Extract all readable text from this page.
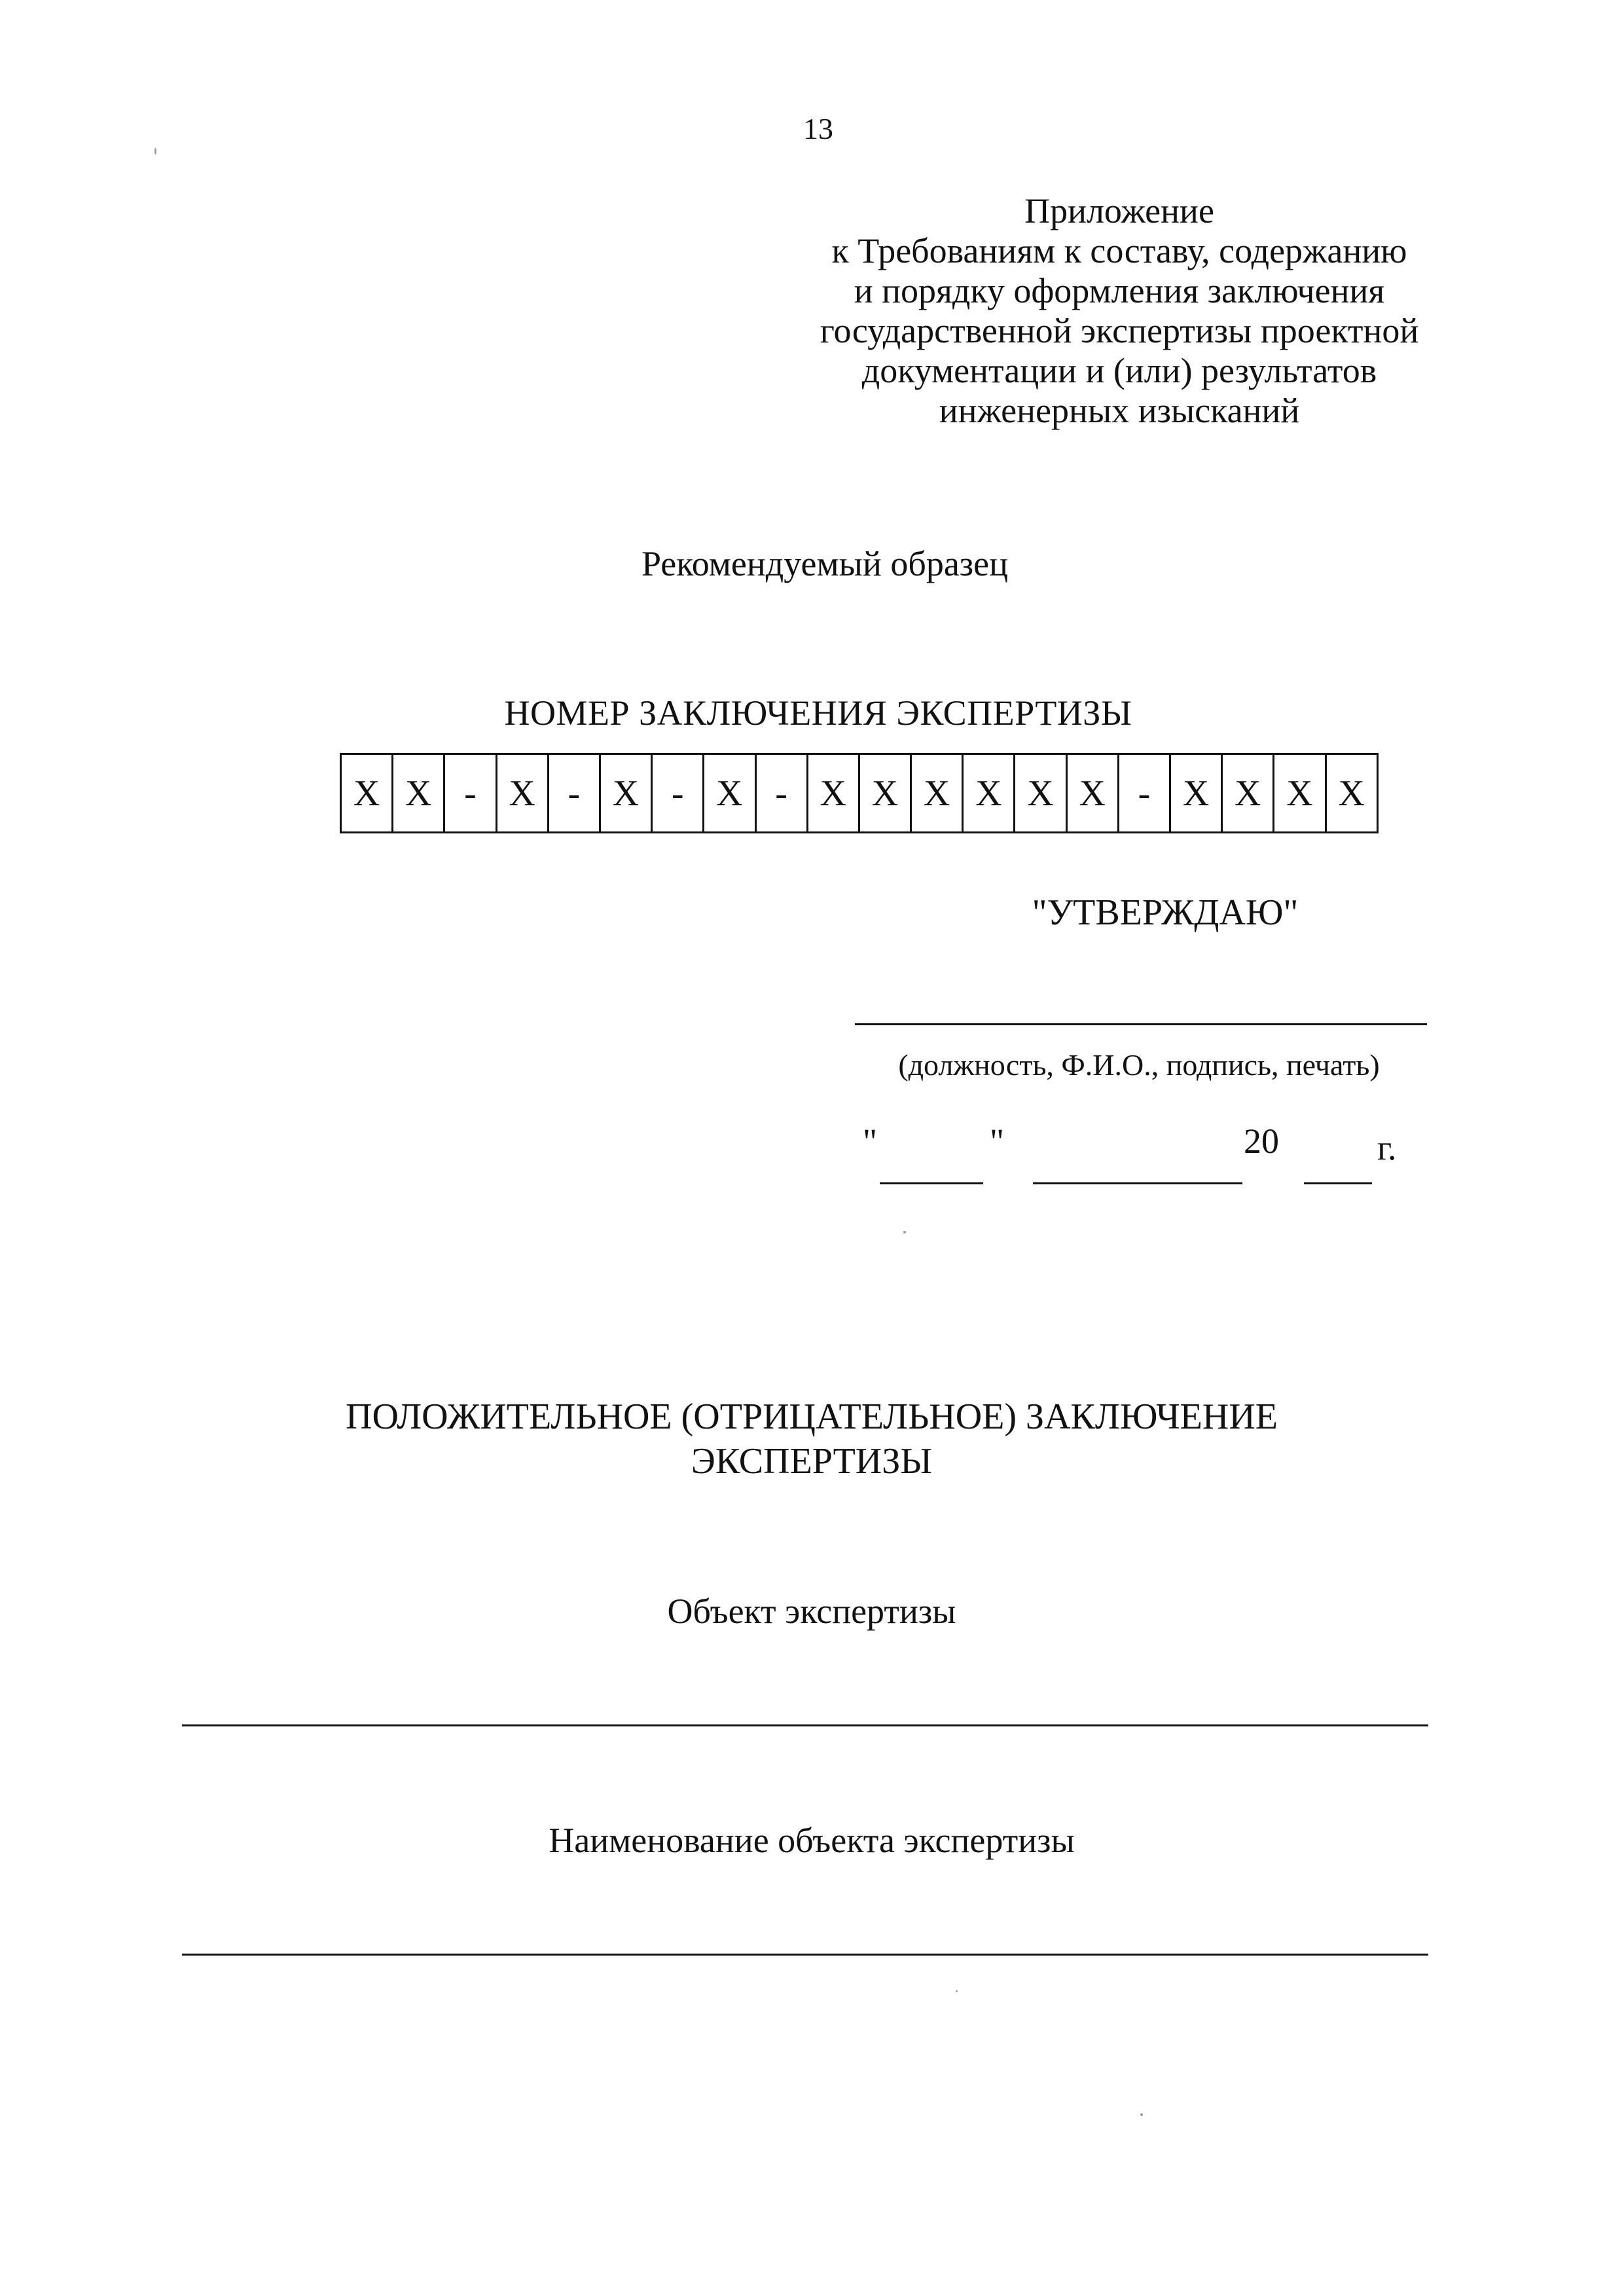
13
Приложение
к Требованиям к составу, содержанию
и порядку оформления заключения
государственной экспертизы проектной
документации и (или) результатов
инженерных изысканий
Рекомендуемый образец
НОМЕР ЗАКЛЮЧЕНИЯ ЭКСПЕРТИЗЫ
Х Х - Х - Х - Х - Х Х Х Х Х Х - Х Х Х Х
"УТВЕРЖДАЮ"
(должность, Ф.И.О., подпись, печать)
"	"	20	г.
ПОЛОЖИТЕЛЬНОЕ (ОТРИЦАТЕЛЬНОЕ) ЗАКЛЮЧЕНИЕ
ЭКСПЕРТИЗЫ
Объект экспертизы
Наименование объекта экспертизы
